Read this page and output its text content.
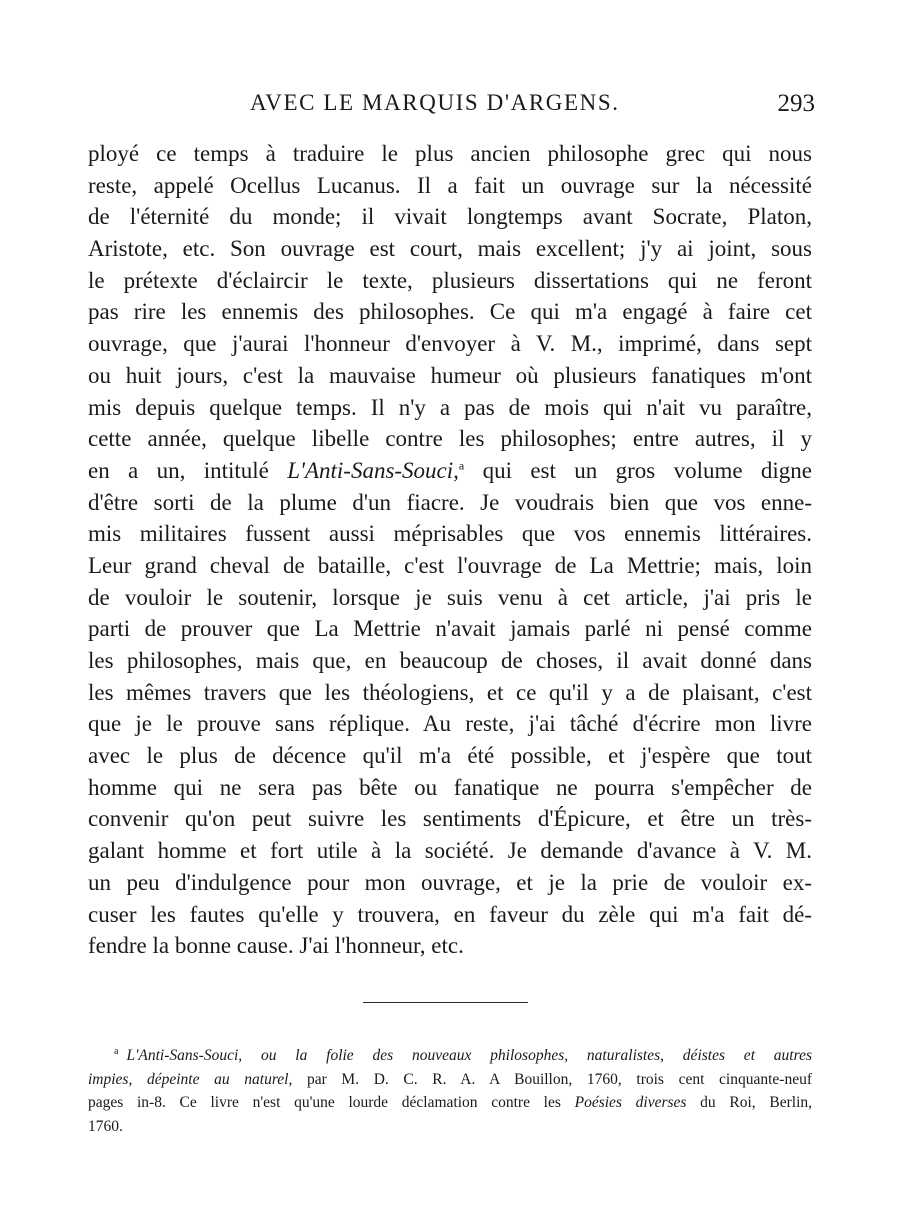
AVEC LE MARQUIS D'ARGENS.	293
ployé ce temps à traduire le plus ancien philosophe grec qui nous
reste, appelé Ocellus Lucanus. Il a fait un ouvrage sur la nécessité
de l'éternité du monde; il vivait longtemps avant Socrate, Platon,
Aristote, etc. Son ouvrage est court, mais excellent; j'y ai joint, sous
le prétexte d'éclaircir le texte, plusieurs dissertations qui ne feront
pas rire les ennemis des philosophes. Ce qui m'a engagé à faire cet
ouvrage, que j'aurai l'honneur d'envoyer à V. M., imprimé, dans sept
ou huit jours, c'est la mauvaise humeur où plusieurs fanatiques m'ont
mis depuis quelque temps. Il n'y a pas de mois qui n'ait vu paraître,
cette année, quelque libelle contre les philosophes; entre autres, il y
en a un, intitulé L'Anti-Sans-Souci,$^a$ qui est un gros volume digne
d'être sorti de la plume d'un fiacre. Je voudrais bien que vos enne-
mis militaires fussent aussi méprisables que vos ennemis littéraires.
Leur grand cheval de bataille, c'est l'ouvrage de La Mettrie; mais, loin
de vouloir le soutenir, lorsque je suis venu à cet article, j'ai pris le
parti de prouver que La Mettrie n'avait jamais parlé ni pensé comme
les philosophes, mais que, en beaucoup de choses, il avait donné dans
les mêmes travers que les théologiens, et ce qu'il y a de plaisant, c'est
que je le prouve sans réplique. Au reste, j'ai tâché d'écrire mon livre
avec le plus de décence qu'il m'a été possible, et j'espère que tout
homme qui ne sera pas bête ou fanatique ne pourra s'empêcher de
convenir qu'on peut suivre les sentiments d'Épicure, et être un très-
galant homme et fort utile à la société. Je demande d'avance à V. M.
un peu d'indulgence pour mon ouvrage, et je la prie de vouloir ex-
cuser les fautes qu'elle y trouvera, en faveur du zèle qui m'a fait dé-
fendre la bonne cause. J'ai l'honneur, etc.
$^a$ L'Anti-Sans-Souci, ou la folie des nouveaux philosophes, naturalistes, déistes et autres
impies, dépeinte au naturel, par M. D. C. R. A. A Bouillon, 1760, trois cent cinquante-neuf
pages in-8. Ce livre n'est qu'une lourde déclamation contre les Poésies diverses du Roi, Berlin,
1760.
